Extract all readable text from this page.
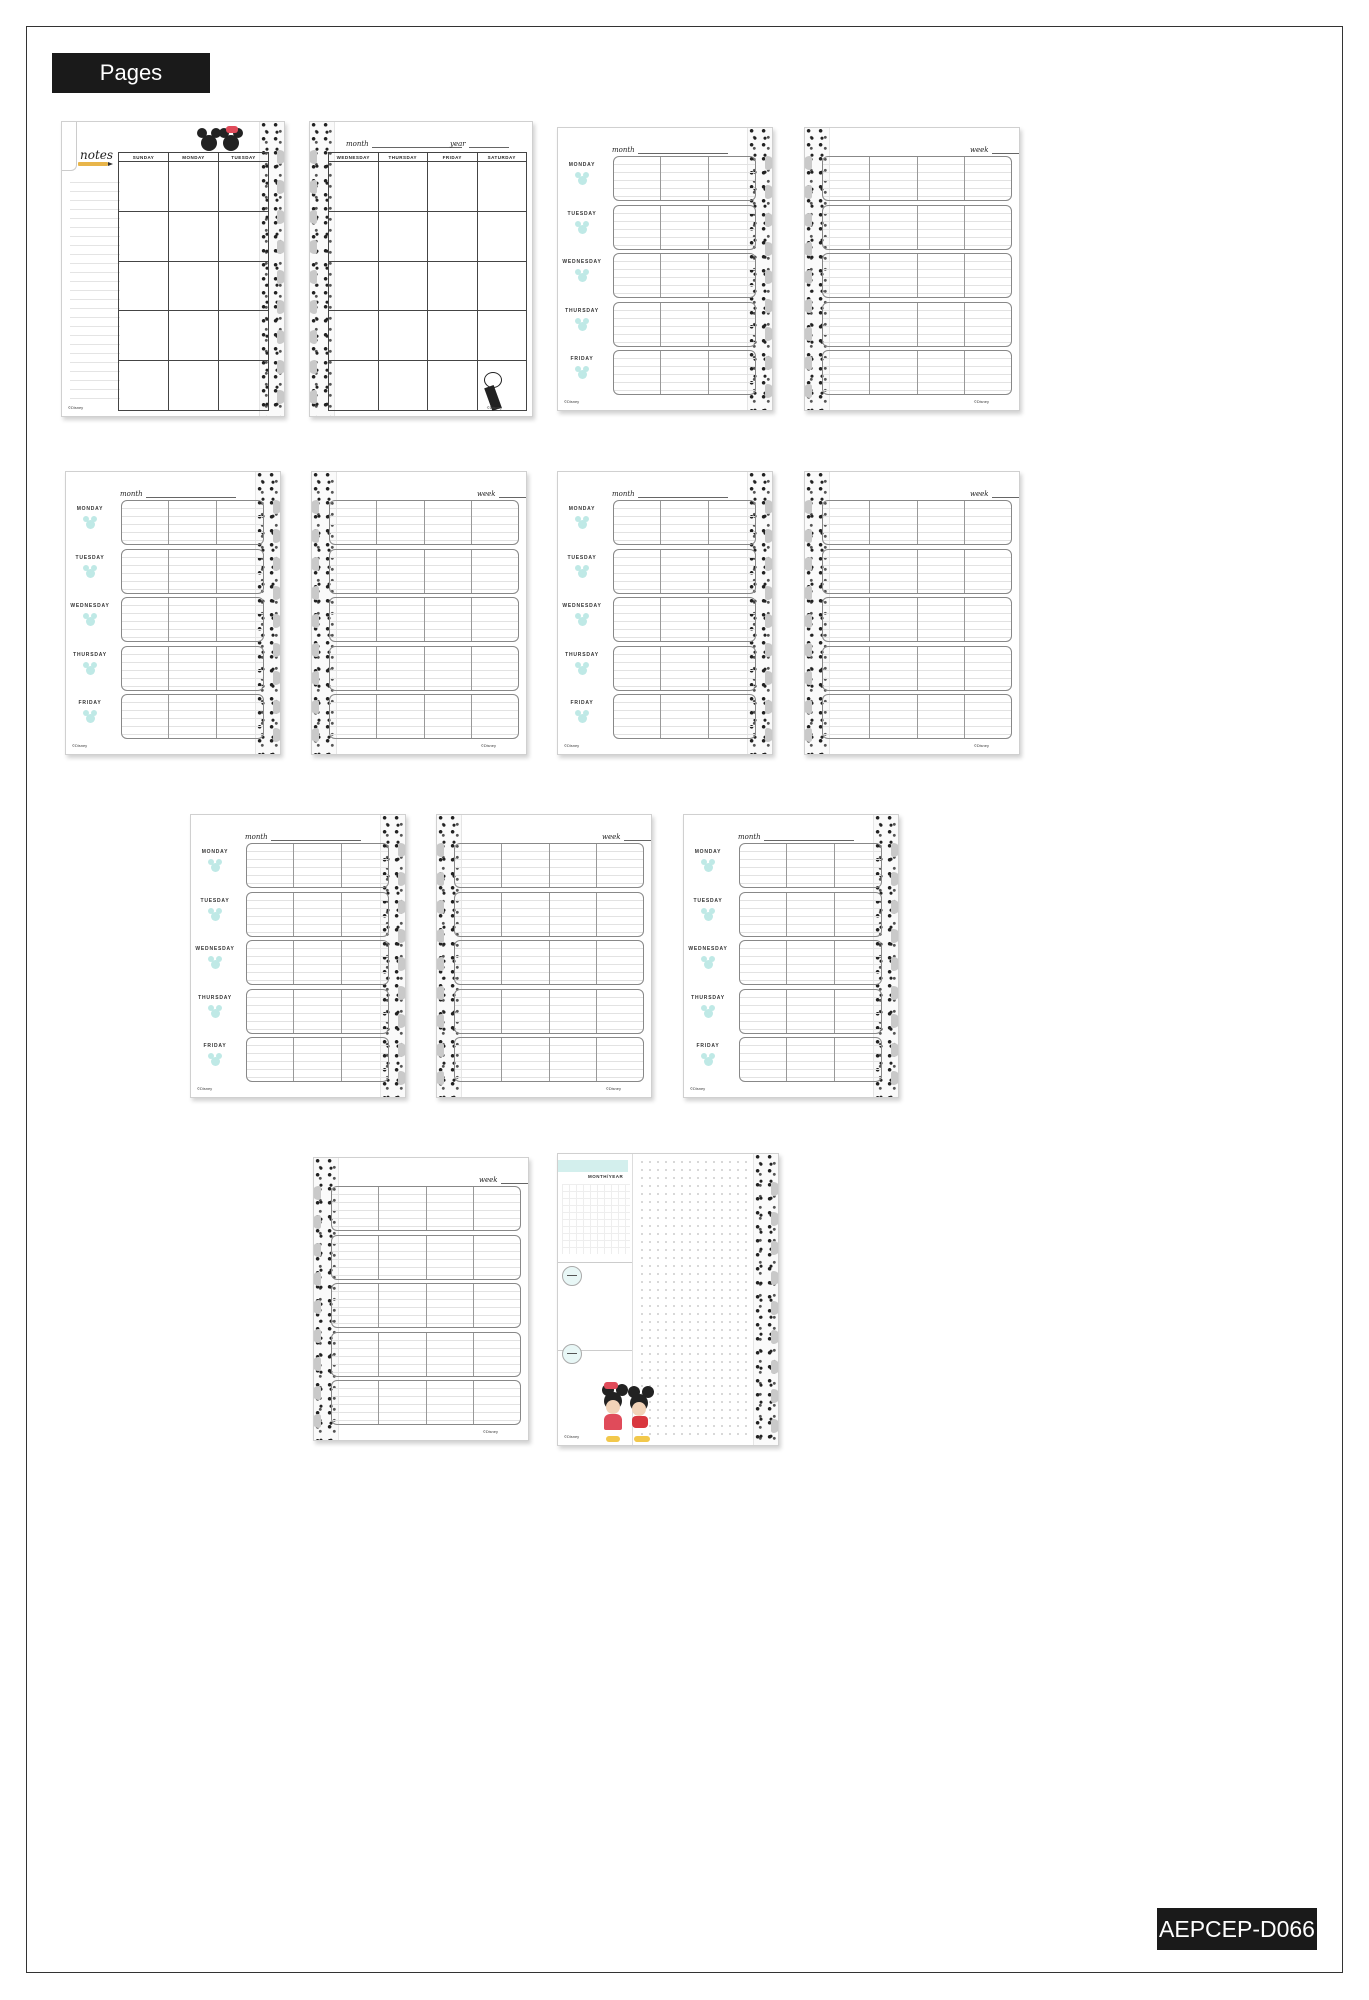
Pages
AEPCEP-D066
notes	SUNDAY	MONDAY	TUESDAY
©Disney
month	year
WEDNESDAY	THURSDAY	FRIDAY	SATURDAY
©Disney
month
MONDAY
TUESDAY
WEDNESDAY
THURSDAY
FRIDAY
©Disney
week
©Disney
month
MONDAY
TUESDAY
WEDNESDAY
THURSDAY
FRIDAY
©Disney
week
©Disney
month
MONDAY
TUESDAY
WEDNESDAY
THURSDAY
FRIDAY
©Disney
week
©Disney
month
MONDAY
TUESDAY
WEDNESDAY
THURSDAY
FRIDAY
©Disney
week
©Disney
month
MONDAY
TUESDAY
WEDNESDAY
THURSDAY
FRIDAY
©Disney
week
©Disney
MONTH/YEAR
©Disney
